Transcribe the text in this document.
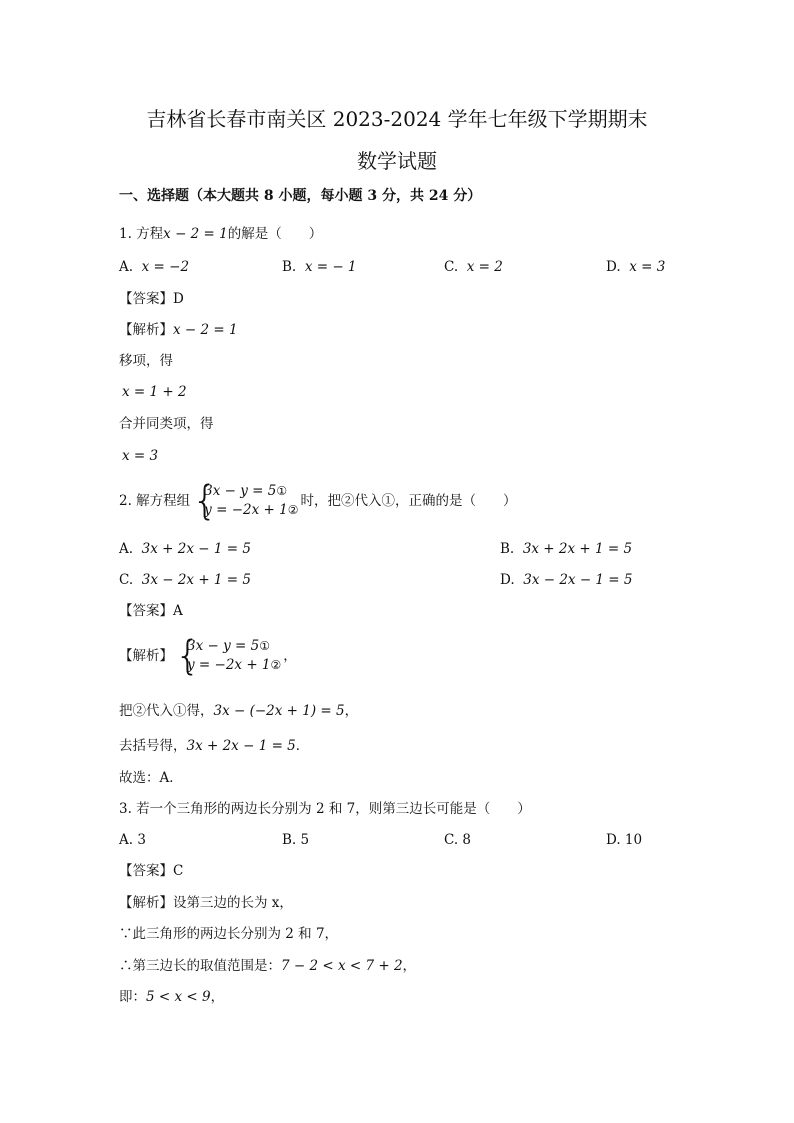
吉林省长春市南关区 2023-2024 学年七年级下学期期末
数学试题
一、选择题（本大题共 8 小题，每小题 3 分，共 24 分）
1. 方程x − 2 = 1的解是（　　）
A. x = −2	B. x = − 1	C. x = 2	D. x = 3
【答案】D
【解析】x − 2 = 1
移项，得
x = 1 + 2
合并同类项，得
x = 3
2. 解方程组 {
3x − y = 5①
y = −2x + 1②
时，把②代入①，正确的是（　　）
A. 3x + 2x − 1 = 5	B. 3x + 2x + 1 = 5
C. 3x − 2x + 1 = 5	D. 3x − 2x − 1 = 5
【答案】A
【解析】 {
3x − y = 5①
y = −2x + 1②
，
把②代入①得，3x − (−2x + 1) = 5，
去括号得，3x + 2x − 1 = 5．
故选：A．
3. 若一个三角形的两边长分别为 2 和 7，则第三边长可能是（　　）
A. 3	B. 5	C. 8	D. 10
【答案】C
【解析】设第三边的长为 x，
∵此三角形的两边长分别为 2 和 7，
∴第三边长的取值范围是：7 − 2 < x < 7 + 2，
即：5 < x < 9，
